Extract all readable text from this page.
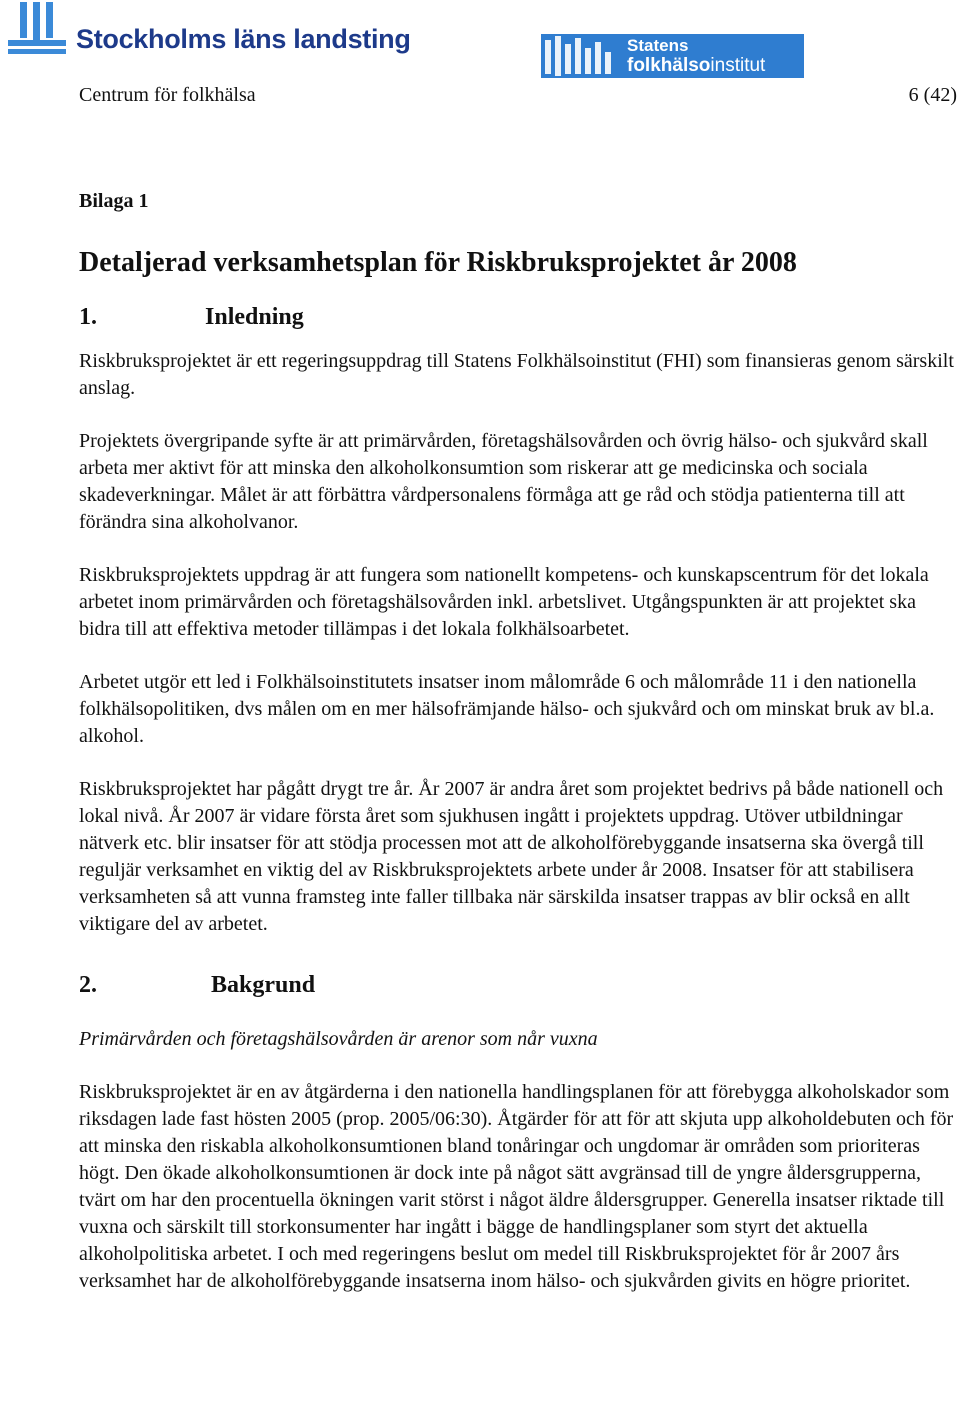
Stockholms läns landsting	Statens
folkhälsoinstitut
Centrum för folkhälsa	6 (42)
Bilaga 1
Detaljerad verksamhetsplan för Riskbruksprojektet år 2008
1.	Inledning

Riskbruksprojektet är ett regeringsuppdrag till Statens Folkhälsoinstitut (FHI) som finansieras genom särskilt anslag.

Projektets övergripande syfte är att primärvården, företagshälsovården och övrig hälso- och sjukvård skall arbeta mer aktivt för att minska den alkoholkonsumtion som riskerar att ge medicinska och sociala skadeverkningar. Målet är att förbättra vårdpersonalens förmåga att ge råd och stödja patienterna till att förändra sina alkoholvanor.

Riskbruksprojektets uppdrag är att fungera som nationellt kompetens- och kunskapscentrum för det lokala arbetet inom primärvården och företagshälsovården inkl. arbetslivet. Utgångspunkten är att projektet ska bidra till att effektiva metoder tillämpas i det lokala folkhälsoarbetet.

Arbetet utgör ett led i Folkhälsoinstitutets insatser inom målområde 6 och målområde 11 i den nationella folkhälsopolitiken, dvs målen om en mer hälsofrämjande hälso- och sjukvård och om minskat bruk av bl.a. alkohol.

Riskbruksprojektet har pågått drygt tre år. År 2007 är andra året som projektet bedrivs på både nationell och lokal nivå. År 2007 är vidare första året som sjukhusen ingått i projektets uppdrag. Utöver utbildningar nätverk etc. blir insatser för att stödja processen mot att de alkoholförebyggande insatserna ska övergå till reguljär verksamhet en viktig del av Riskbruksprojektets arbete under år 2008. Insatser för att stabilisera verksamheten så att vunna framsteg inte faller tillbaka när särskilda insatser trappas av blir också en allt viktigare del av arbetet.

2.	Bakgrund
Primärvården och företagshälsovården är arenor som når vuxna

Riskbruksprojektet är en av åtgärderna i den nationella handlingsplanen för att förebygga alkoholskador som riksdagen lade fast hösten 2005 (prop. 2005/06:30). Åtgärder för att för att skjuta upp alkoholdebuten och för att minska den riskabla alkoholkonsumtionen bland tonåringar och ungdomar är områden som prioriteras högt. Den ökade alkoholkonsumtionen är dock inte på något sätt avgränsad till de yngre åldersgrupperna, tvärt om har den procentuella ökningen varit störst i något äldre åldersgrupper. Generella insatser riktade till vuxna och särskilt till storkonsumenter har ingått i bägge de handlingsplaner som styrt det aktuella alkoholpolitiska arbetet. I och med regeringens beslut om medel till Riskbruksprojektet för år 2007 års verksamhet har de alkoholförebyggande insatserna inom hälso- och sjukvården givits en högre prioritet.
